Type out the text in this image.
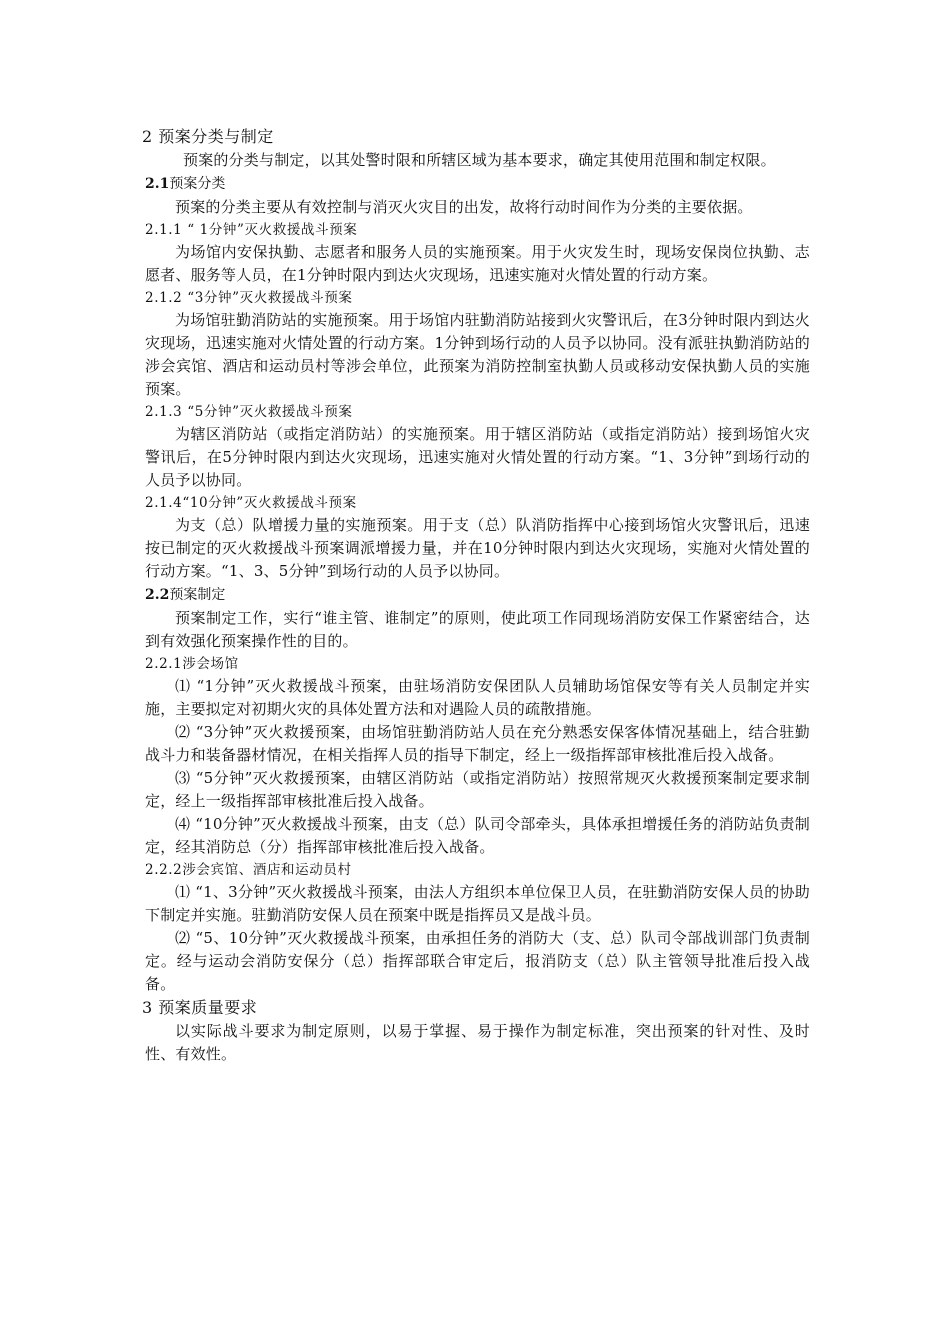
2 预案分类与制定

预案的分类与制定，以其处警时限和所辖区域为基本要求，确定其使用范围和制定权限。

2.1预案分类

预案的分类主要从有效控制与消灭火灾目的出发，故将行动时间作为分类的主要依据。

2.1.1 “ 1分钟”灭火救援战斗预案

为场馆内安保执勤、志愿者和服务人员的实施预案。用于火灾发生时，现场安保岗位执勤、志愿者、服务等人员，在1分钟时限内到达火灾现场，迅速实施对火情处置的行动方案。

2.1.2 “3分钟”灭火救援战斗预案

为场馆驻勤消防站的实施预案。用于场馆内驻勤消防站接到火灾警讯后，在3分钟时限内到达火灾现场，迅速实施对火情处置的行动方案。1分钟到场行动的人员予以协同。没有派驻执勤消防站的涉会宾馆、酒店和运动员村等涉会单位，此预案为消防控制室执勤人员或移动安保执勤人员的实施预案。

2.1.3 “5分钟”灭火救援战斗预案

为辖区消防站（或指定消防站）的实施预案。用于辖区消防站（或指定消防站）接到场馆火灾警讯后，在5分钟时限内到达火灾现场，迅速实施对火情处置的行动方案。“1、3分钟”到场行动的人员予以协同。

2.1.4“10分钟”灭火救援战斗预案

为支（总）队增援力量的实施预案。用于支（总）队消防指挥中心接到场馆火灾警讯后，迅速按已制定的灭火救援战斗预案调派增援力量，并在10分钟时限内到达火灾现场，实施对火情处置的行动方案。“1、3、5分钟”到场行动的人员予以协同。

2.2预案制定

预案制定工作，实行“谁主管、谁制定”的原则，使此项工作同现场消防安保工作紧密结合，达到有效强化预案操作性的目的。

2.2.1涉会场馆

⑴ “1分钟”灭火救援战斗预案，由驻场消防安保团队人员辅助场馆保安等有关人员制定并实施，主要拟定对初期火灾的具体处置方法和对遇险人员的疏散措施。

⑵ “3分钟”灭火救援预案，由场馆驻勤消防站人员在充分熟悉安保客体情况基础上，结合驻勤战斗力和装备器材情况，在相关指挥人员的指导下制定，经上一级指挥部审核批准后投入战备。

⑶ “5分钟”灭火救援预案，由辖区消防站（或指定消防站）按照常规灭火救援预案制定要求制定，经上一级指挥部审核批准后投入战备。

⑷ “10分钟”灭火救援战斗预案，由支（总）队司令部牵头，具体承担增援任务的消防站负责制定，经其消防总（分）指挥部审核批准后投入战备。

2.2.2涉会宾馆、酒店和运动员村

⑴ “1、3分钟”灭火救援战斗预案，由法人方组织本单位保卫人员，在驻勤消防安保人员的协助下制定并实施。驻勤消防安保人员在预案中既是指挥员又是战斗员。

⑵ “5、10分钟”灭火救援战斗预案，由承担任务的消防大（支、总）队司令部战训部门负责制定。经与运动会消防安保分（总）指挥部联合审定后，报消防支（总）队主管领导批准后投入战备。

3 预案质量要求

以实际战斗要求为制定原则，以易于掌握、易于操作为制定标准，突出预案的针对性、及时性、有效性。
